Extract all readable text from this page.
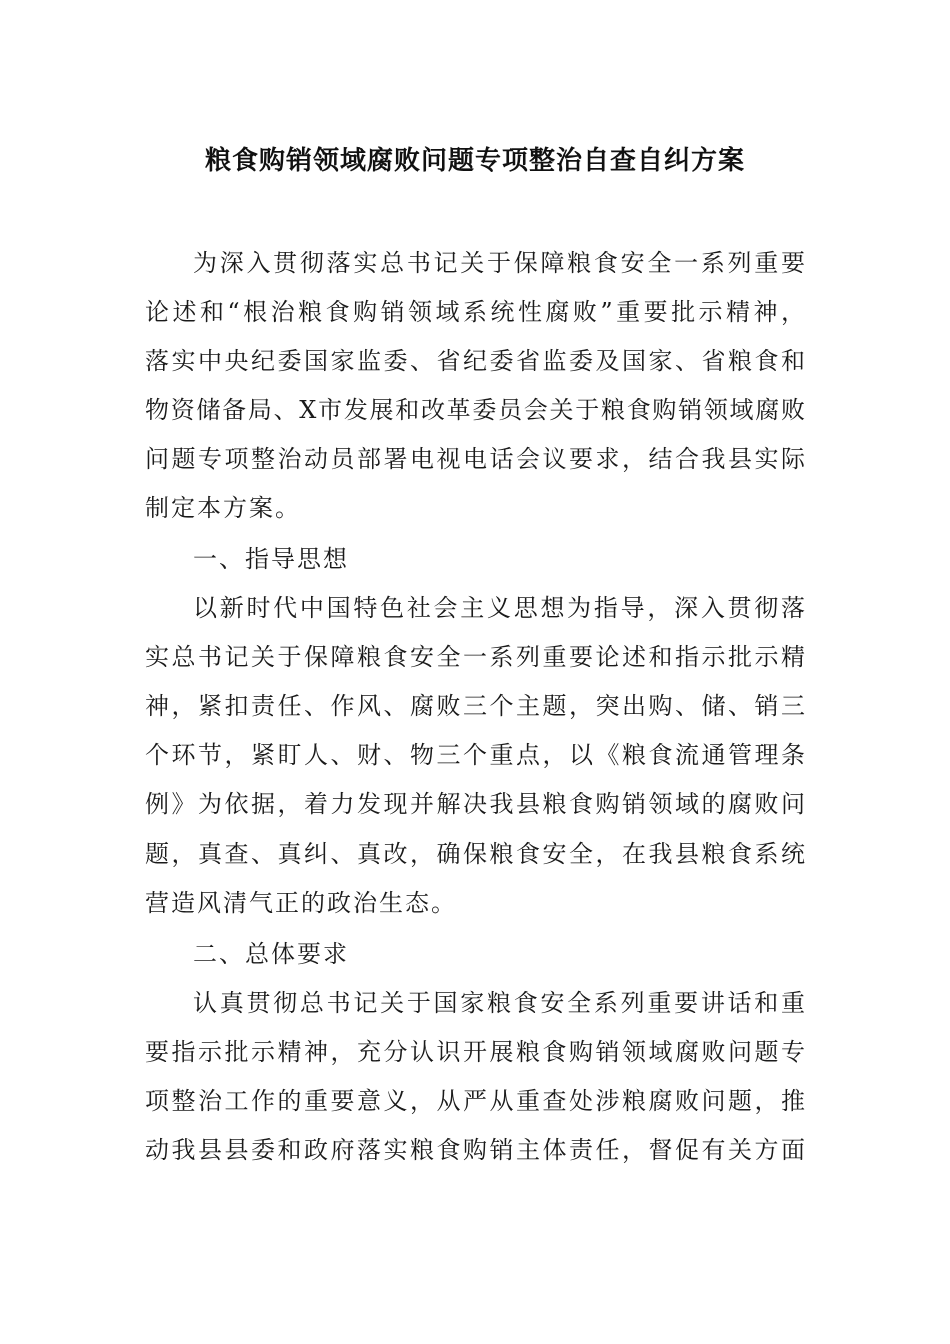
粮食购销领域腐败问题专项整治自查自纠方案
为深入贯彻落实总书记关于保障粮食安全一系列重要
论述和“根治粮食购销领域系统性腐败”重要批示精神，
落实中央纪委国家监委、省纪委省监委及国家、省粮食和
物资储备局、X市发展和改革委员会关于粮食购销领域腐败
问题专项整治动员部署电视电话会议要求，结合我县实际
制定本方案。
一、指导思想
以新时代中国特色社会主义思想为指导，深入贯彻落
实总书记关于保障粮食安全一系列重要论述和指示批示精
神，紧扣责任、作风、腐败三个主题，突出购、储、销三
个环节，紧盯人、财、物三个重点，以《粮食流通管理条
例》为依据，着力发现并解决我县粮食购销领域的腐败问
题，真查、真纠、真改，确保粮食安全，在我县粮食系统
营造风清气正的政治生态。
二、总体要求
认真贯彻总书记关于国家粮食安全系列重要讲话和重
要指示批示精神，充分认识开展粮食购销领域腐败问题专
项整治工作的重要意义，从严从重查处涉粮腐败问题，推
动我县县委和政府落实粮食购销主体责任，督促有关方面
